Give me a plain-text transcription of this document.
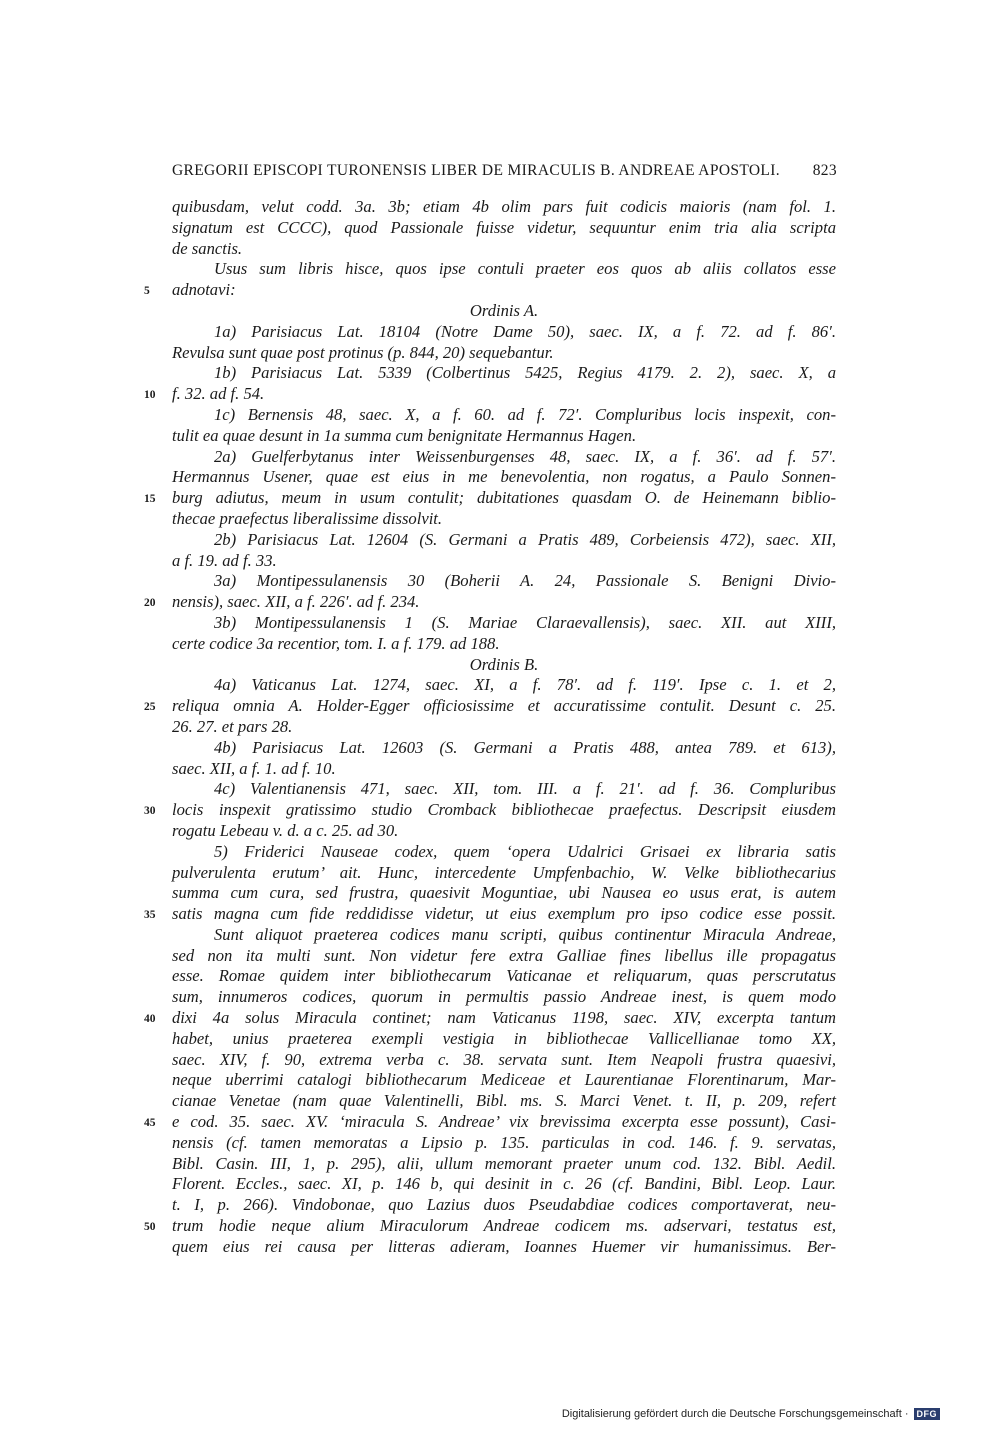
GREGORII EPISCOPI TURONENSIS LIBER DE MIRACULIS B. ANDREAE APOSTOLI. 823
quibusdam, velut codd. 3a. 3b; etiam 4b olim pars fuit codicis maioris (nam fol. 1.
signatum est CCCC), quod Passionale fuisse videtur, sequuntur enim tria alia scripta
de sanctis.
Usus sum libris hisce, quos ipse contuli praeter eos quos ab aliis collatos esse
adnotavi:
5
Ordinis A.
1a) Parisiacus Lat. 18104 (Notre Dame 50), saec. IX, a f. 72. ad f. 86′.
Revulsa sunt quae post protinus (p. 844, 20) sequebantur.
1b) Parisiacus Lat. 5339 (Colbertinus 5425, Regius 4179. 2. 2), saec. X, a
f. 32. ad f. 54.
10
1c) Bernensis 48, saec. X, a f. 60. ad f. 72′. Compluribus locis inspexit, con-
tulit ea quae desunt in 1a summa cum benignitate Hermannus Hagen.
2a) Guelferbytanus inter Weissenburgenses 48, saec. IX, a f. 36′. ad f. 57′.
Hermannus Usener, quae est eius in me benevolentia, non rogatus, a Paulo Sonnen-
burg adiutus, meum in usum contulit; dubitationes quasdam O. de Heinemann biblio-
15
thecae praefectus liberalissime dissolvit.
2b) Parisiacus Lat. 12604 (S. Germani a Pratis 489, Corbeiensis 472), saec. XII,
a f. 19. ad f. 33.
3a) Montipessulanensis 30 (Boherii A. 24, Passionale S. Benigni Divio-
nensis), saec. XII, a f. 226′. ad f. 234.
20
3b) Montipessulanensis 1 (S. Mariae Claraevallensis), saec. XII. aut XIII,
certe codice 3a recentior, tom. I. a f. 179. ad 188.
Ordinis B.
4a) Vaticanus Lat. 1274, saec. XI, a f. 78′. ad f. 119′. Ipse c. 1. et 2,
reliqua omnia A. Holder-Egger officiosissime et accuratissime contulit. Desunt c. 25.
25
26. 27. et pars 28.
4b) Parisiacus Lat. 12603 (S. Germani a Pratis 488, antea 789. et 613),
saec. XII, a f. 1. ad f. 10.
4c) Valentianensis 471, saec. XII, tom. III. a f. 21′. ad f. 36. Compluribus
locis inspexit gratissimo studio Cromback bibliothecae praefectus. Descripsit eiusdem
30
rogatu Lebeau v. d. a c. 25. ad 30.
5) Friderici Nauseae codex, quem ‘opera Udalrici Grisaei ex libraria satis
pulverulenta erutum’ ait. Hunc, intercedente Umpfenbachio, W. Velke bibliothecarius
summa cum cura, sed frustra, quaesivit Moguntiae, ubi Nausea eo usus erat, is autem
satis magna cum fide reddidisse videtur, ut eius exemplum pro ipso codice esse possit.
35
Sunt aliquot praeterea codices manu scripti, quibus continentur Miracula Andreae,
sed non ita multi sunt. Non videtur fere extra Galliae fines libellus ille propagatus
esse. Romae quidem inter bibliothecarum Vaticanae et reliquarum, quas perscrutatus
sum, innumeros codices, quorum in permultis passio Andreae inest, is quem modo
dixi 4a solus Miracula continet; nam Vaticanus 1198, saec. XIV, excerpta tantum
40
habet, unius praeterea exempli vestigia in bibliothecae Vallicellianae tomo XX,
saec. XIV, f. 90, extrema verba c. 38. servata sunt. Item Neapoli frustra quaesivi,
neque uberrimi catalogi bibliothecarum Mediceae et Laurentianae Florentinarum, Mar-
cianae Venetae (nam quae Valentinelli, Bibl. ms. S. Marci Venet. t. II, p. 209, refert
e cod. 35. saec. XV. ‘miracula S. Andreae’ vix brevissima excerpta esse possunt), Casi-
45
nensis (cf. tamen memoratas a Lipsio p. 135. particulas in cod. 146. f. 9. servatas,
Bibl. Casin. III, 1, p. 295), alii, ullum memorant praeter unum cod. 132. Bibl. Aedil.
Florent. Eccles., saec. XI, p. 146 b, qui desinit in c. 26 (cf. Bandini, Bibl. Leop. Laur.
t. I, p. 266). Vindobonae, quo Lazius duos Pseudabdiae codices comportaverat, neu-
trum hodie neque alium Miraculorum Andreae codicem ms. adservari, testatus est,
50
quem eius rei causa per litteras adieram, Ioannes Huemer vir humanissimus. Ber-
Digitalisierung gefördert durch die Deutsche Forschungsgemeinschaft · DFG
